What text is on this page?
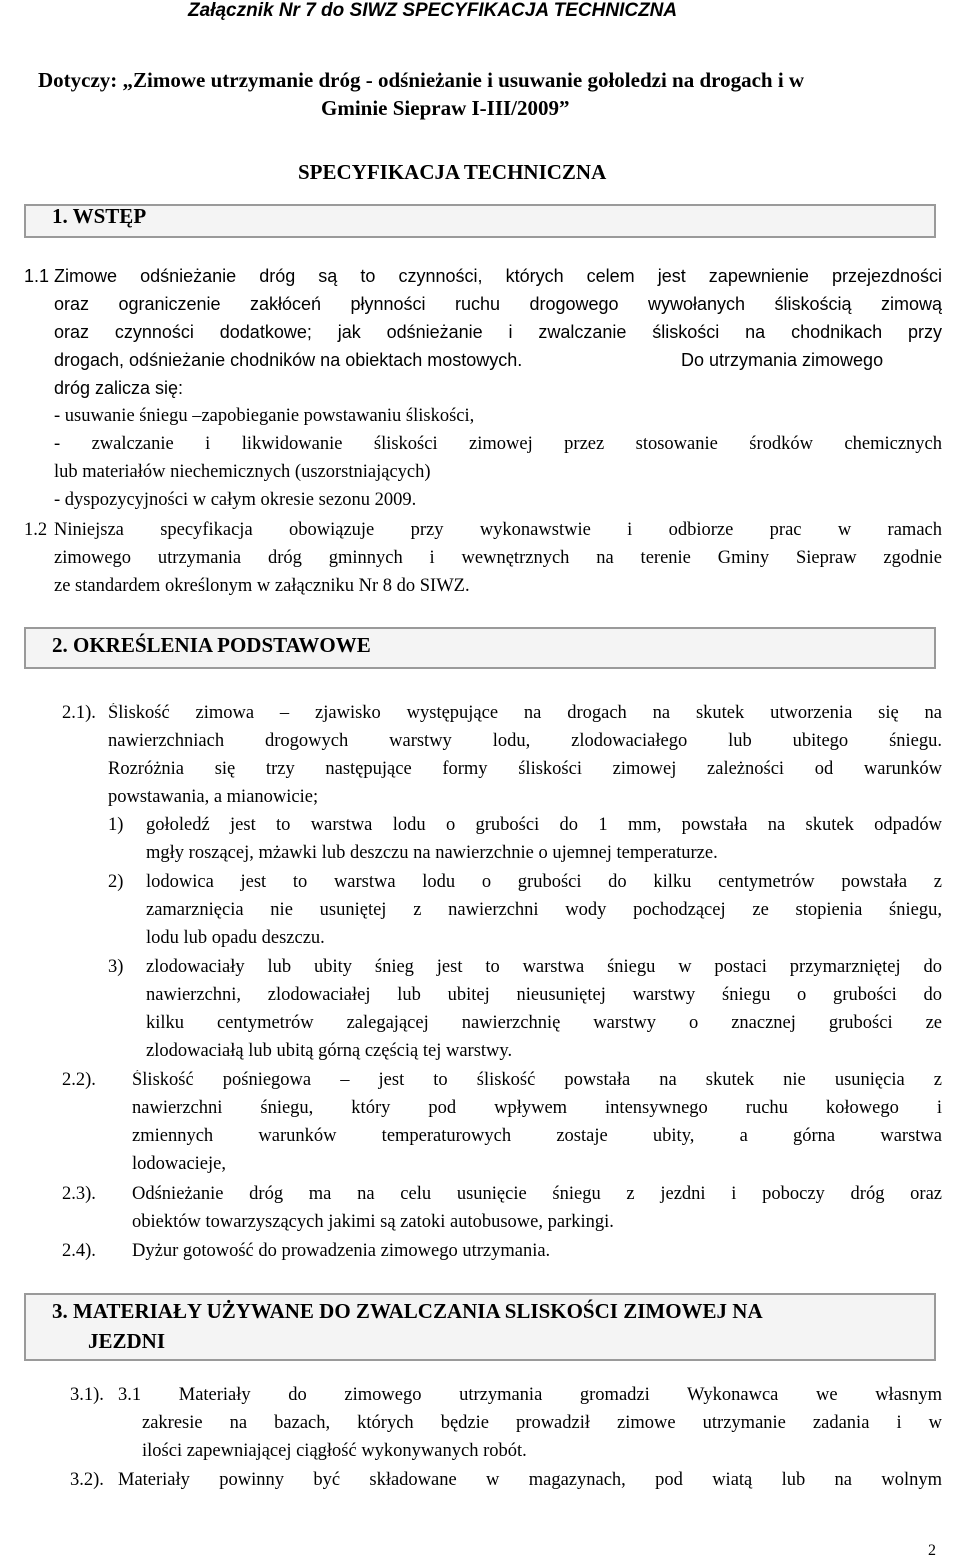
Załącznik Nr 7 do SIWZ SPECYFIKACJA TECHNICZNA
Dotyczy: „Zimowe utrzymanie dróg - odśnieżanie i usuwanie gołoledzi na drogach i w
Gminie Siepraw I-III/2009”
SPECYFIKACJA TECHNICZNA
1. WSTĘP
1.1 Zimowe odśnieżanie dróg są to czynności, których celem jest zapewnienie przejezdności
oraz ograniczenie zakłóceń płynności ruchu drogowego wywołanych śliskością zimową
oraz czynności dodatkowe; jak odśnieżanie i zwalczanie śliskości na chodnikach przy
drogach, odśnieżanie chodników na obiektach mostowych.	Do utrzymania zimowego
dróg zalicza się:
- usuwanie śniegu –zapobieganie powstawaniu śliskości,
- zwalczanie i likwidowanie śliskości zimowej przez stosowanie środków chemicznych
lub materiałów niechemicznych (uszorstniających)
- dyspozycyjności w całym okresie sezonu 2009.
1.2 Niniejsza specyfikacja obowiązuje przy wykonawstwie i odbiorze prac w ramach
zimowego utrzymania dróg gminnych i wewnętrznych na terenie Gminy Siepraw zgodnie
ze standardem określonym w załączniku Nr 8 do SIWZ.
2. OKREŚLENIA PODSTAWOWE
2.1). Śliskość zimowa – zjawisko występujące na drogach na skutek utworzenia się na
nawierzchniach drogowych warstwy lodu, zlodowaciałego lub ubitego śniegu.
Rozróżnia się trzy następujące formy śliskości zimowej zależności od warunków
powstawania, a mianowicie;
1) gołoledź jest to warstwa lodu o grubości do 1 mm, powstała na skutek odpadów
mgły roszącej, mżawki lub deszczu na nawierzchnie o ujemnej temperaturze.
2) lodowica jest to warstwa lodu o grubości do kilku centymetrów powstała z
zamarznięcia nie usuniętej z nawierzchni wody pochodzącej ze stopienia śniegu,
lodu lub opadu deszczu.
3) zlodowaciały lub ubity śnieg jest to warstwa śniegu w postaci przymarzniętej do
nawierzchni, zlodowaciałej lub ubitej nieusuniętej warstwy śniegu o grubości do
kilku centymetrów zalegającej nawierzchnię warstwy o znacznej grubości ze
zlodowaciałą lub ubitą górną częścią tej warstwy.
2.2). Śliskość pośniegowa – jest to śliskość powstała na skutek nie usunięcia z
nawierzchni śniegu, który pod wpływem intensywnego ruchu kołowego i
zmiennych warunków temperaturowych zostaje ubity, a górna warstwa
lodowacieje,
2.3). Odśnieżanie dróg ma na celu usunięcie śniegu z jezdni i poboczy dróg oraz
obiektów towarzyszących jakimi są zatoki autobusowe, parkingi.
2.4). Dyżur gotowość do prowadzenia zimowego utrzymania.
3. MATERIAŁY UŻYWANE DO ZWALCZANIA SLISKOŚCI ZIMOWEJ NA
JEZDNI
3.1). 3.1 Materiały do zimowego utrzymania gromadzi Wykonawca we własnym
zakresie na bazach, których będzie prowadził zimowe utrzymanie zadania i w
ilości zapewniającej ciągłość wykonywanych robót.
3.2). Materiały powinny być składowane w magazynach, pod wiatą lub na wolnym
2
